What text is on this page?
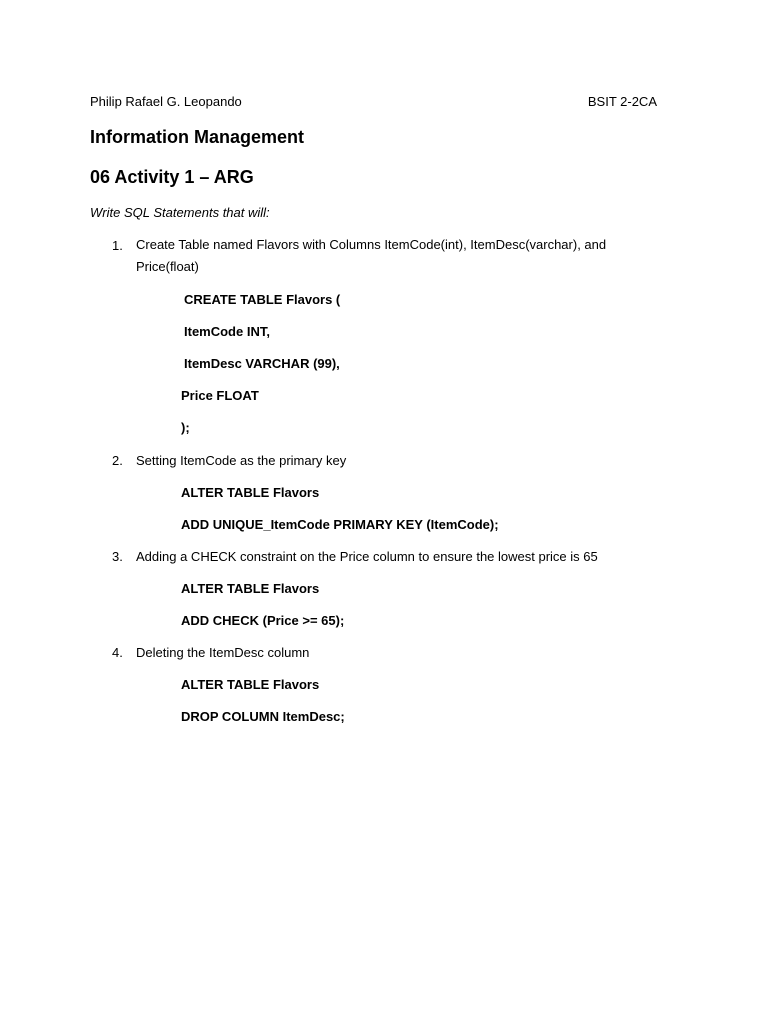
Philip Rafael G. Leopando	BSIT 2-2CA
Information Management
06 Activity 1 – ARG
Write SQL Statements that will:
1. Create Table named Flavors with Columns ItemCode(int), ItemDesc(varchar), and Price(float)
CREATE TABLE Flavors (
ItemCode INT,
ItemDesc VARCHAR (99),
Price FLOAT
);
2. Setting ItemCode as the primary key
ALTER TABLE Flavors
ADD UNIQUE_ItemCode PRIMARY KEY (ItemCode);
3. Adding a CHECK constraint on the Price column to ensure the lowest price is 65
ALTER TABLE Flavors
ADD CHECK (Price >= 65);
4. Deleting the ItemDesc column
ALTER TABLE Flavors
DROP COLUMN ItemDesc;
